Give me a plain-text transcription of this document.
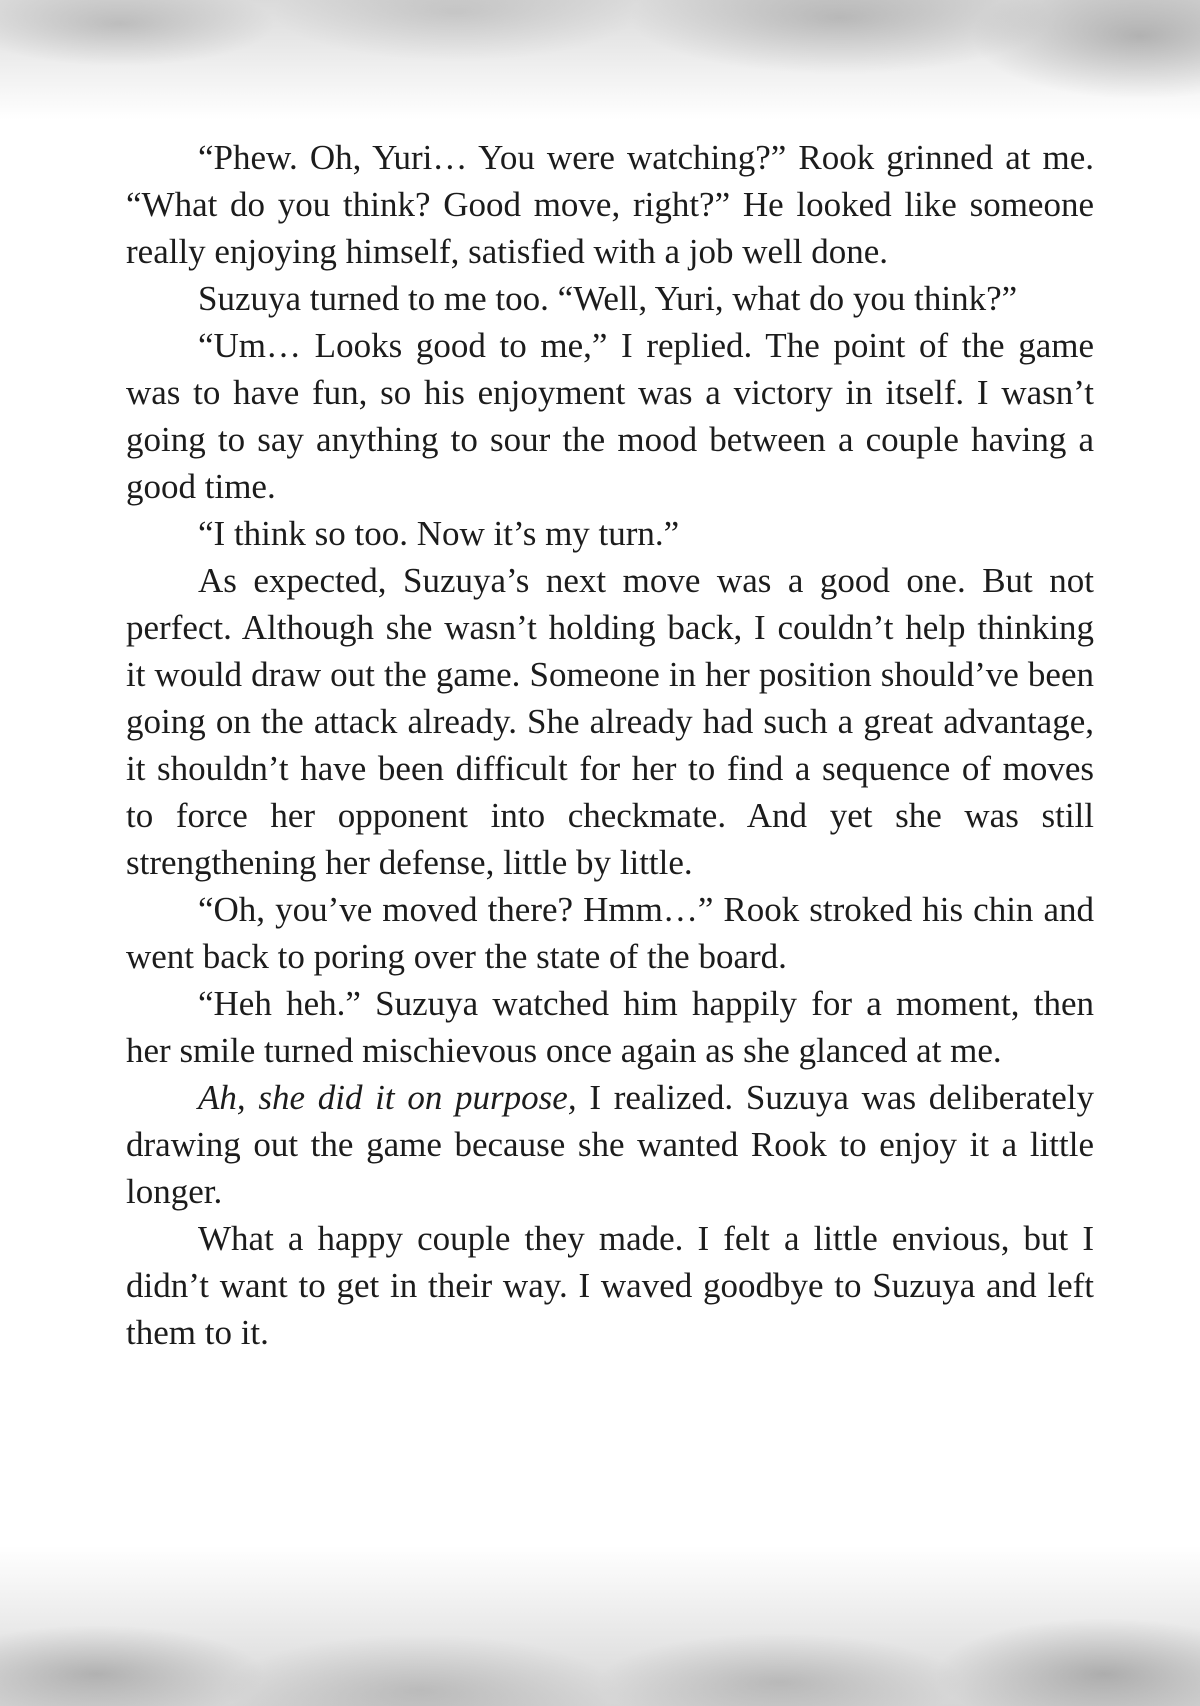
“Phew. Oh, Yuri… You were watching?” Rook grinned at me. “What do you think? Good move, right?” He looked like someone really enjoying himself, satisfied with a job well done.

Suzuya turned to me too. “Well, Yuri, what do you think?”

“Um… Looks good to me,” I replied. The point of the game was to have fun, so his enjoyment was a victory in itself. I wasn’t going to say anything to sour the mood between a couple having a good time.

“I think so too. Now it’s my turn.”

As expected, Suzuya’s next move was a good one. But not perfect. Although she wasn’t holding back, I couldn’t help thinking it would draw out the game. Someone in her position should’ve been going on the attack already. She already had such a great advantage, it shouldn’t have been difficult for her to find a sequence of moves to force her opponent into checkmate. And yet she was still strengthening her defense, little by little.

“Oh, you’ve moved there? Hmm…” Rook stroked his chin and went back to poring over the state of the board.

“Heh heh.” Suzuya watched him happily for a moment, then her smile turned mischievous once again as she glanced at me.

Ah, she did it on purpose, I realized. Suzuya was deliberately drawing out the game because she wanted Rook to enjoy it a little longer.

What a happy couple they made. I felt a little envious, but I didn’t want to get in their way. I waved goodbye to Suzuya and left them to it.
